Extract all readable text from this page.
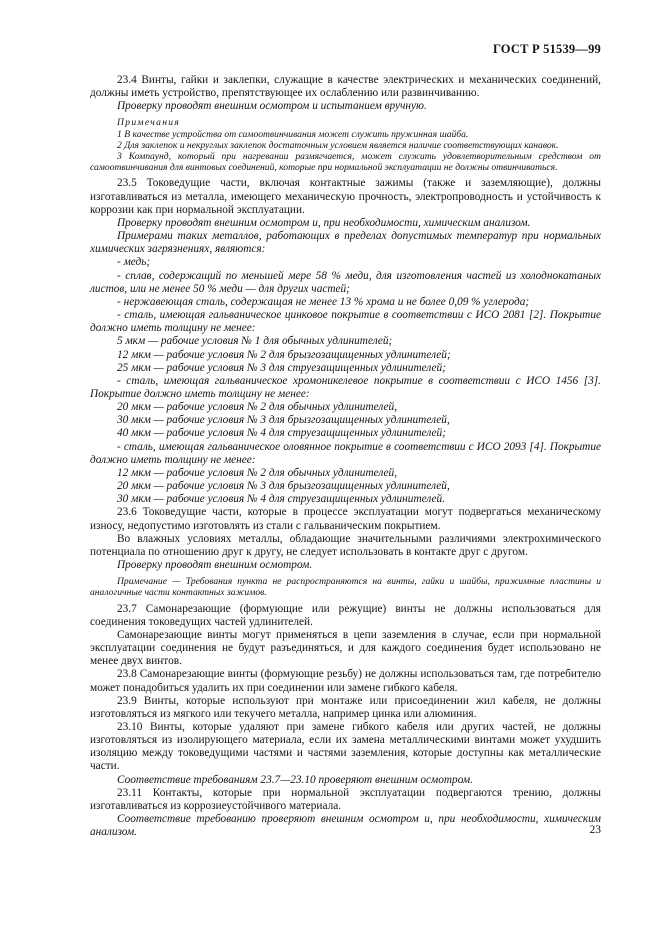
ГОСТ Р 51539—99

23.4 Винты, гайки и заклепки, служащие в качестве электрических и механических соединений, должны иметь устройство, препятствующее их ослаблению или развинчиванию.

Проверку проводят внешним осмотром и испытанием вручную.

Примечания

1 В качестве устройства от самоотвинчивания может служить пружинная шайба.

2 Для заклепок и некруглых заклепок достаточным условием является наличие соответствующих канавок.

3 Компаунд, который при нагревании размягчается, может служить удовлетворительным средством от самоотвинчивания для винтовых соединений, которые при нормальной эксплуатации не должны отвинчиваться.

23.5 Токоведущие части, включая контактные зажимы (также и заземляющие), должны изготавливаться из металла, имеющего механическую прочность, электропроводность и устойчивость к коррозии как при нормальной эксплуатации.

Проверку проводят внешним осмотром и, при необходимости, химическим анализом.

Примерами таких металлов, работающих в пределах допустимых температур при нормальных химических загрязнениях, являются:

- медь;

- сплав, содержащий по меньшей мере 58 % меди, для изготовления частей из холоднокатаных листов, или не менее 50 % меди — для других частей;

- нержавеющая сталь, содержащая не менее 13 % хрома и не более 0,09 % углерода;

- сталь, имеющая гальваническое цинковое покрытие в соответствии с ИСО 2081 [2]. Покрытие должно иметь толщину не менее:

5 мкм — рабочие условия № 1 для обычных удлинителей;

12 мкм — рабочие условия № 2 для брызгозащищенных удлинителей;

25 мкм — рабочие условия № 3 для струезащищенных удлинителей;

- сталь, имеющая гальваническое хромоникелевое покрытие в соответствии с ИСО 1456 [3]. Покрытие должно иметь толщину не менее:

20 мкм — рабочие условия № 2 для обычных удлинителей,

30 мкм — рабочие условия № 3 для брызгозащищенных удлинителей,

40 мкм — рабочие условия № 4 для струезащищенных удлинителей;

- сталь, имеющая гальваническое оловянное покрытие в соответствии с ИСО 2093 [4]. Покрытие должно иметь толщину не менее:

12 мкм — рабочие условия № 2 для обычных удлинителей,

20 мкм — рабочие условия № 3 для брызгозащищенных удлинителей,

30 мкм — рабочие условия № 4 для струезащищенных удлинителей.

23.6 Токоведущие части, которые в процессе эксплуатации могут подвергаться механическому износу, недопустимо изготовлять из стали с гальваническим покрытием.

Во влажных условиях металлы, обладающие значительными различиями электрохимического потенциала по отношению друг к другу, не следует использовать в контакте друг с другом.

Проверку проводят внешним осмотром.

Примечание — Требования пункта не распространяются на винты, гайки и шайбы, прижимные пластины и аналогичные части контактных зажимов.

23.7 Самонарезающие (формующие или режущие) винты не должны использоваться для соединения токоведущих частей удлинителей.

Самонарезающие винты могут применяться в цепи заземления в случае, если при нормальной эксплуатации соединения не будут разъединяться, и для каждого соединения будет использовано не менее двух винтов.

23.8 Самонарезающие винты (формующие резьбу) не должны использоваться там, где потребителю может понадобиться удалить их при соединении или замене гибкого кабеля.

23.9 Винты, которые используют при монтаже или присоединении жил кабеля, не должны изготовляться из мягкого или текучего металла, например цинка или алюминия.

23.10 Винты, которые удаляют при замене гибкого кабеля или других частей, не должны изготовляться из изолирующего материала, если их замена металлическими винтами может ухудшить изоляцию между токоведущими частями и частями заземления, которые доступны как металлические части.

Соответствие требованиям 23.7—23.10 проверяют внешним осмотром.

23.11 Контакты, которые при нормальной эксплуатации подвергаются трению, должны изготавливаться из коррозиеустойчивого материала.

Соответствие требованию проверяют внешним осмотром и, при необходимости, химическим анализом.	23
